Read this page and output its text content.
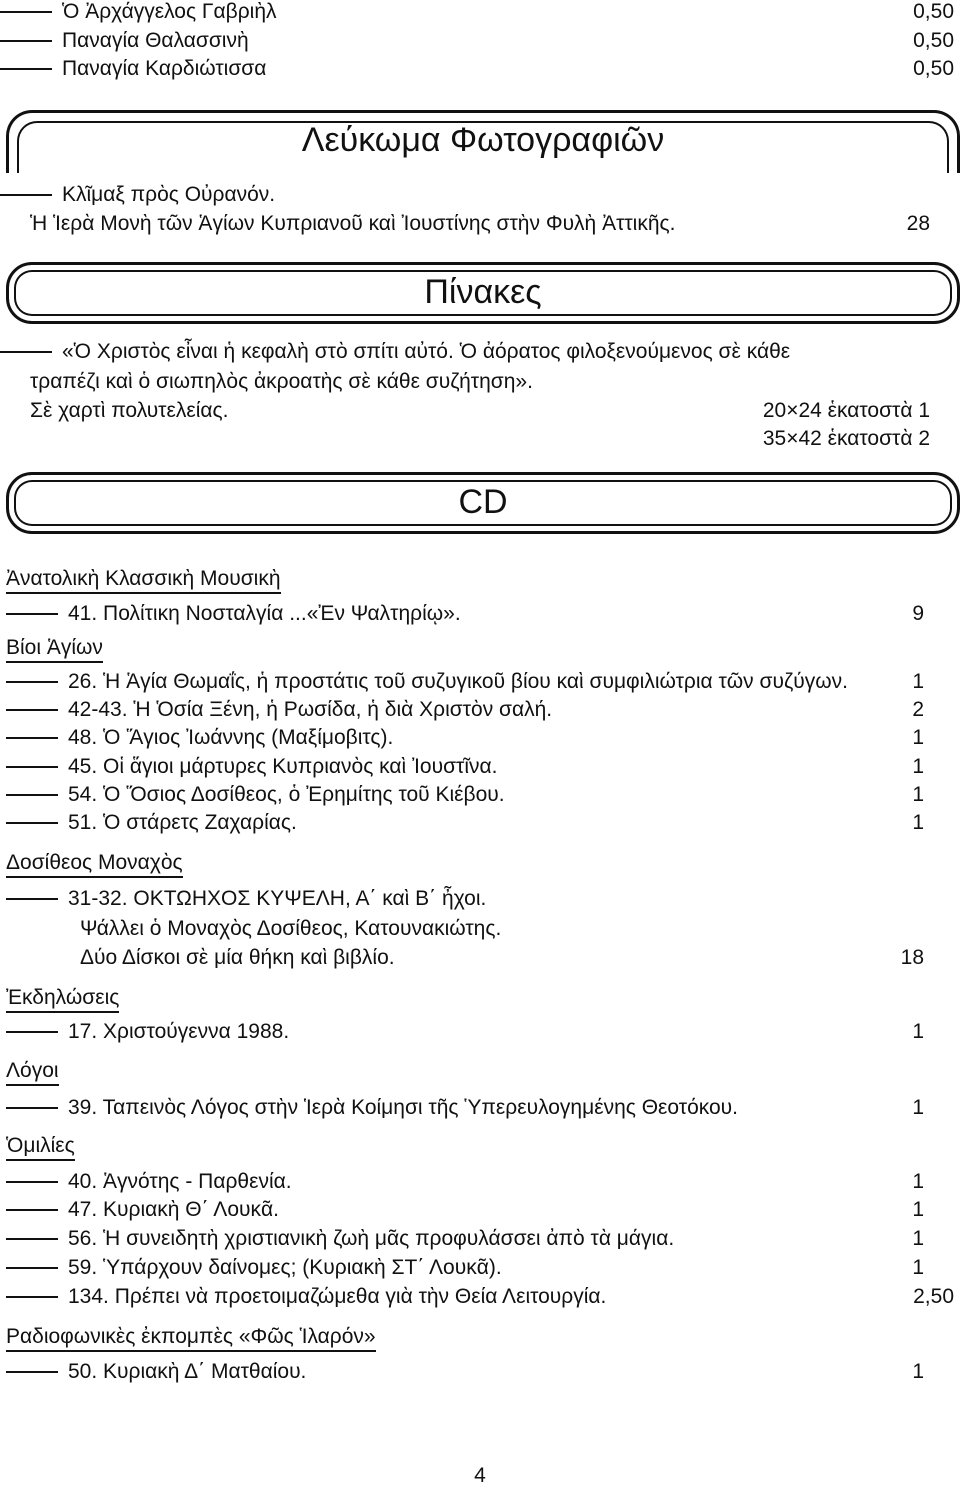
Ὁ Ἀρχάγγελος Γαβριὴλ	0,50
Παναγία Θαλασσινὴ	0,50
Παναγία Καρδιώτισσα	0,50
Λεύκωμα Φωτογραφιῶν
Κλῖμαξ πρὸς Οὐρανόν.
Ἡ Ἱερὰ Μονὴ τῶν Ἁγίων Κυπριανοῦ καὶ Ἰουστίνης στὴν Φυλὴ Ἀττικῆς.	28
Πίνακες
«Ὁ Χριστὸς εἶναι ἡ κεφαλὴ στὸ σπίτι αὐτό. Ὁ ἀόρατος φιλοξενούμενος σὲ κάθε
τραπέζι καὶ ὁ σιωπηλὸς ἀκροατὴς σὲ κάθε συζήτηση».
Σὲ χαρτὶ πολυτελείας.	20×24 ἑκατοστὰ 1
35×42 ἑκατοστὰ 2
CD
Ἀνατολικὴ Κλασσικὴ Μουσικὴ
41. Πολίτικη Νοσταλγία ...«Ἐν Ψαλτηρίῳ».	9
Βίοι Ἁγίων
26. Ἡ Ἁγία Θωμαΐς, ἡ προστάτις τοῦ συζυγικοῦ βίου καὶ συμφιλιώτρια τῶν συζύγων.	1
42-43. Ἡ Ὁσία Ξένη, ἡ Ρωσίδα, ἡ διὰ Χριστὸν σαλή.	2
48. Ὁ Ἅγιος Ἰωάννης (Μαξίμοβιτς).	1
45. Οἱ ἅγιοι μάρτυρες Κυπριανὸς καὶ Ἰουστῖνα.	1
54. Ὁ Ὅσιος Δοσίθεος, ὁ Ἐρημίτης τοῦ Κιέβου.	1
51. Ὁ στάρετς Ζαχαρίας.	1
Δοσίθεος Μοναχὸς
31-32. ΟΚΤΩΗΧΟΣ ΚΥΨΕΛΗ, Α΄ καὶ Β΄ ἦχοι.
Ψάλλει ὁ Μοναχὸς Δοσίθεος, Κατουνακιώτης.
Δύο Δίσκοι σὲ μία θήκη καὶ βιβλίο.	18
Ἐκδηλώσεις
17. Χριστούγεννα 1988.	1
Λόγοι
39. Ταπεινὸς Λόγος στὴν Ἱερὰ Κοίμησι τῆς Ὑπερευλογημένης Θεοτόκου.	1
Ὁμιλίες
40. Ἁγνότης - Παρθενία.	1
47. Κυριακὴ Θ΄ Λουκᾶ.	1
56. Ἡ συνειδητὴ χριστιανικὴ ζωὴ μᾶς προφυλάσσει ἀπὸ τὰ μάγια.	1
59. Ὑπάρχουν δαίνομες; (Κυριακὴ ΣΤ΄ Λουκᾶ).	1
134. Πρέπει νὰ προετοιμαζώμεθα γιὰ τὴν Θεία Λειτουργία.	2,50
Ραδιοφωνικὲς ἐκπομπὲς «Φῶς Ἱλαρόν»
50. Κυριακὴ Δ΄ Ματθαίου.	1
4
